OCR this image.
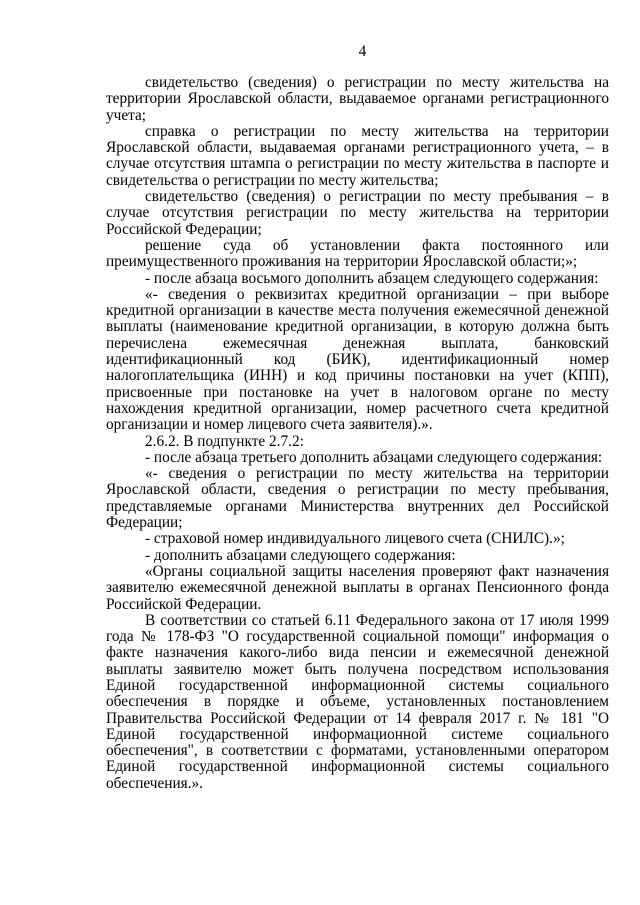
4

свидетельство (сведения) о регистрации по месту жительства на территории Ярославской области, выдаваемое органами регистрационного учета;

справка о регистрации по месту жительства на территории Ярославской области, выдаваемая органами регистрационного учета, – в случае отсутствия штампа о регистрации по месту жительства в паспорте и свидетельства о регистрации по месту жительства;

свидетельство (сведения) о регистрации по месту пребывания – в случае отсутствия регистрации по месту жительства на территории Российской Федерации;

решение суда об установлении факта постоянного или преимущественного проживания на территории Ярославской области;»;

- после абзаца восьмого дополнить абзацем следующего содержания:

«- сведения о реквизитах кредитной организации – при выборе кредитной организации в качестве места получения ежемесячной денежной выплаты (наименование кредитной организации, в которую должна быть перечислена ежемесячная денежная выплата, банковский идентификационный код (БИК), идентификационный номер налогоплательщика (ИНН) и код причины постановки на учет (КПП), присвоенные при постановке на учет в налоговом органе по месту нахождения кредитной организации, номер расчетного счета кредитной организации и номер лицевого счета заявителя).».

2.6.2. В подпункте 2.7.2:

- после абзаца третьего дополнить абзацами следующего содержания:

«- сведения о регистрации по месту жительства на территории Ярославской области, сведения о регистрации по месту пребывания, представляемые органами Министерства внутренних дел Российской Федерации;

- страховой номер индивидуального лицевого счета (СНИЛС).»;

- дополнить абзацами следующего содержания:

«Органы социальной защиты населения проверяют факт назначения заявителю ежемесячной денежной выплаты в органах Пенсионного фонда Российской Федерации.

В соответствии со статьей 6.11 Федерального закона от 17 июля 1999 года № 178-ФЗ "О государственной социальной помощи" информация о факте назначения какого-либо вида пенсии и ежемесячной денежной выплаты заявителю может быть получена посредством использования Единой государственной информационной системы социального обеспечения в порядке и объеме, установленных постановлением Правительства Российской Федерации от 14 февраля 2017 г. № 181 "О Единой государственной информационной системе социального обеспечения", в соответствии с форматами, установленными оператором Единой государственной информационной системы социального обеспечения.».
